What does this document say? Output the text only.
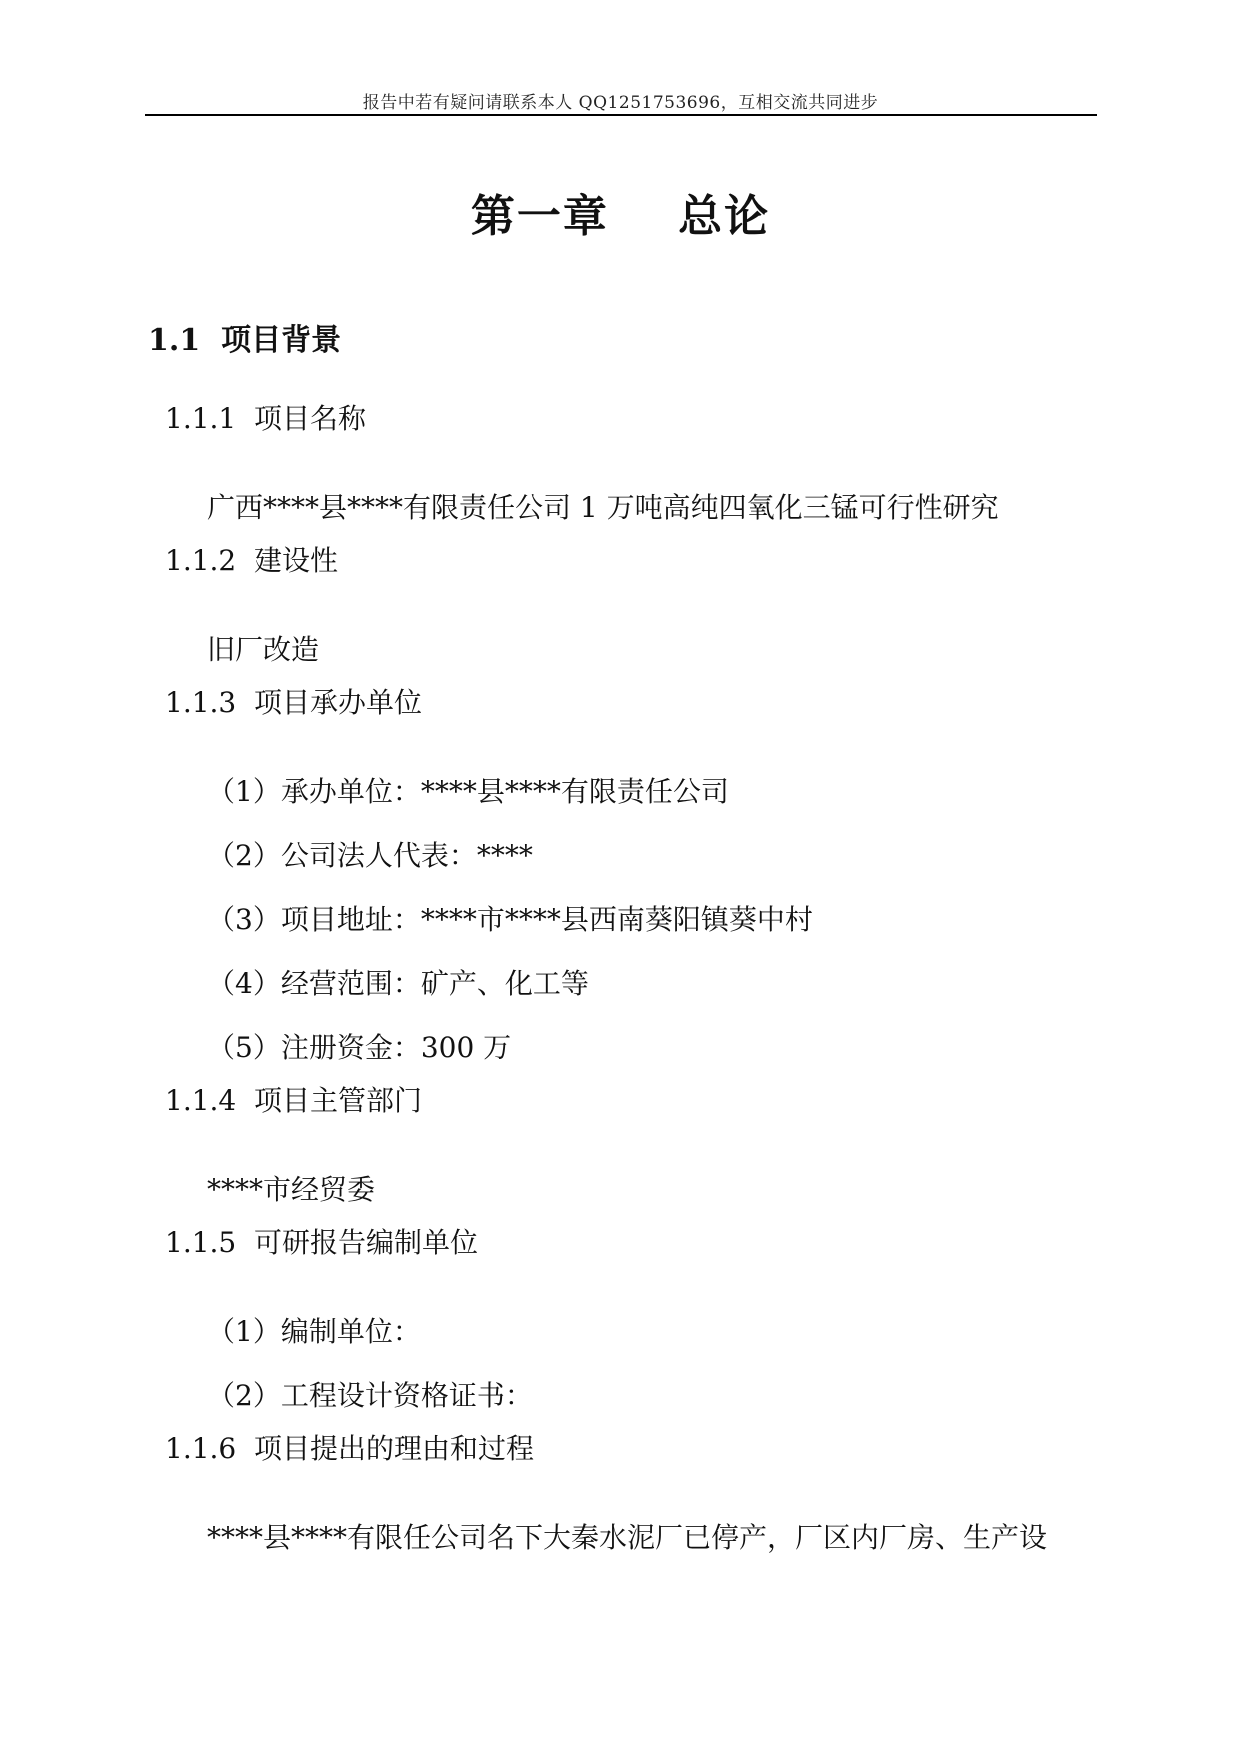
报告中若有疑问请联系本人 QQ1251753696，互相交流共同进步
第一章    总论
1.1  项目背景
1.1.1  项目名称
广西****县****有限责任公司 1 万吨高纯四氧化三锰可行性研究
1.1.2  建设性
旧厂改造
1.1.3  项目承办单位
（1）承办单位：****县****有限责任公司
（2）公司法人代表：****
（3）项目地址：****市****县西南葵阳镇葵中村
（4）经营范围：矿产、化工等
（5）注册资金：300 万
1.1.4  项目主管部门
****市经贸委
1.1.5  可研报告编制单位
（1）编制单位：
（2）工程设计资格证书：
1.1.6  项目提出的理由和过程
****县****有限任公司名下大秦水泥厂已停产，厂区内厂房、生产设
